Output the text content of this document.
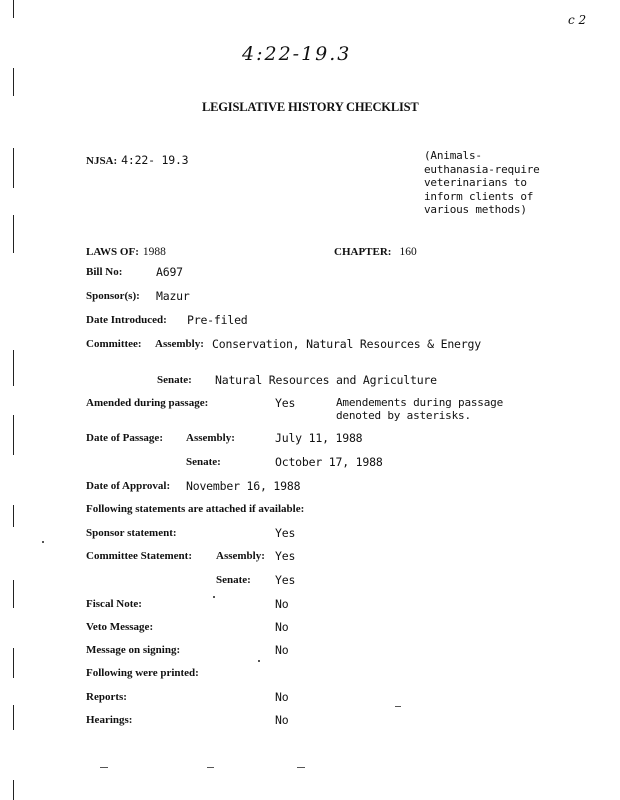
c 2
4:22-19.3
LEGISLATIVE HISTORY CHECKLIST
NJSA: 4:22- 19.3	(Animals-
euthanasia-require
veterinarians to
inform clients of
various methods)
LAWS OF: 1988	CHAPTER: 160
Bill No:	A697
Sponsor(s): Mazur
Date Introduced: Pre-filed
Committee: Assembly: Conservation, Natural Resources & Energy
Senate: Natural Resources and Agriculture
Amended during passage:	Yes	Amendements during passage
denoted by asterisks.
Date of Passage: Assembly:	July 11, 1988
Senate:	October 17, 1988
Date of Approval: November 16, 1988
Following statements are attached if available:
Sponsor statement:	Yes
Committee Statement: Assembly: Yes
Senate: Yes
Fiscal Note:	No
Veto Message:	No
Message on signing:	No
Following were printed:
Reports:	No
Hearings:	No
